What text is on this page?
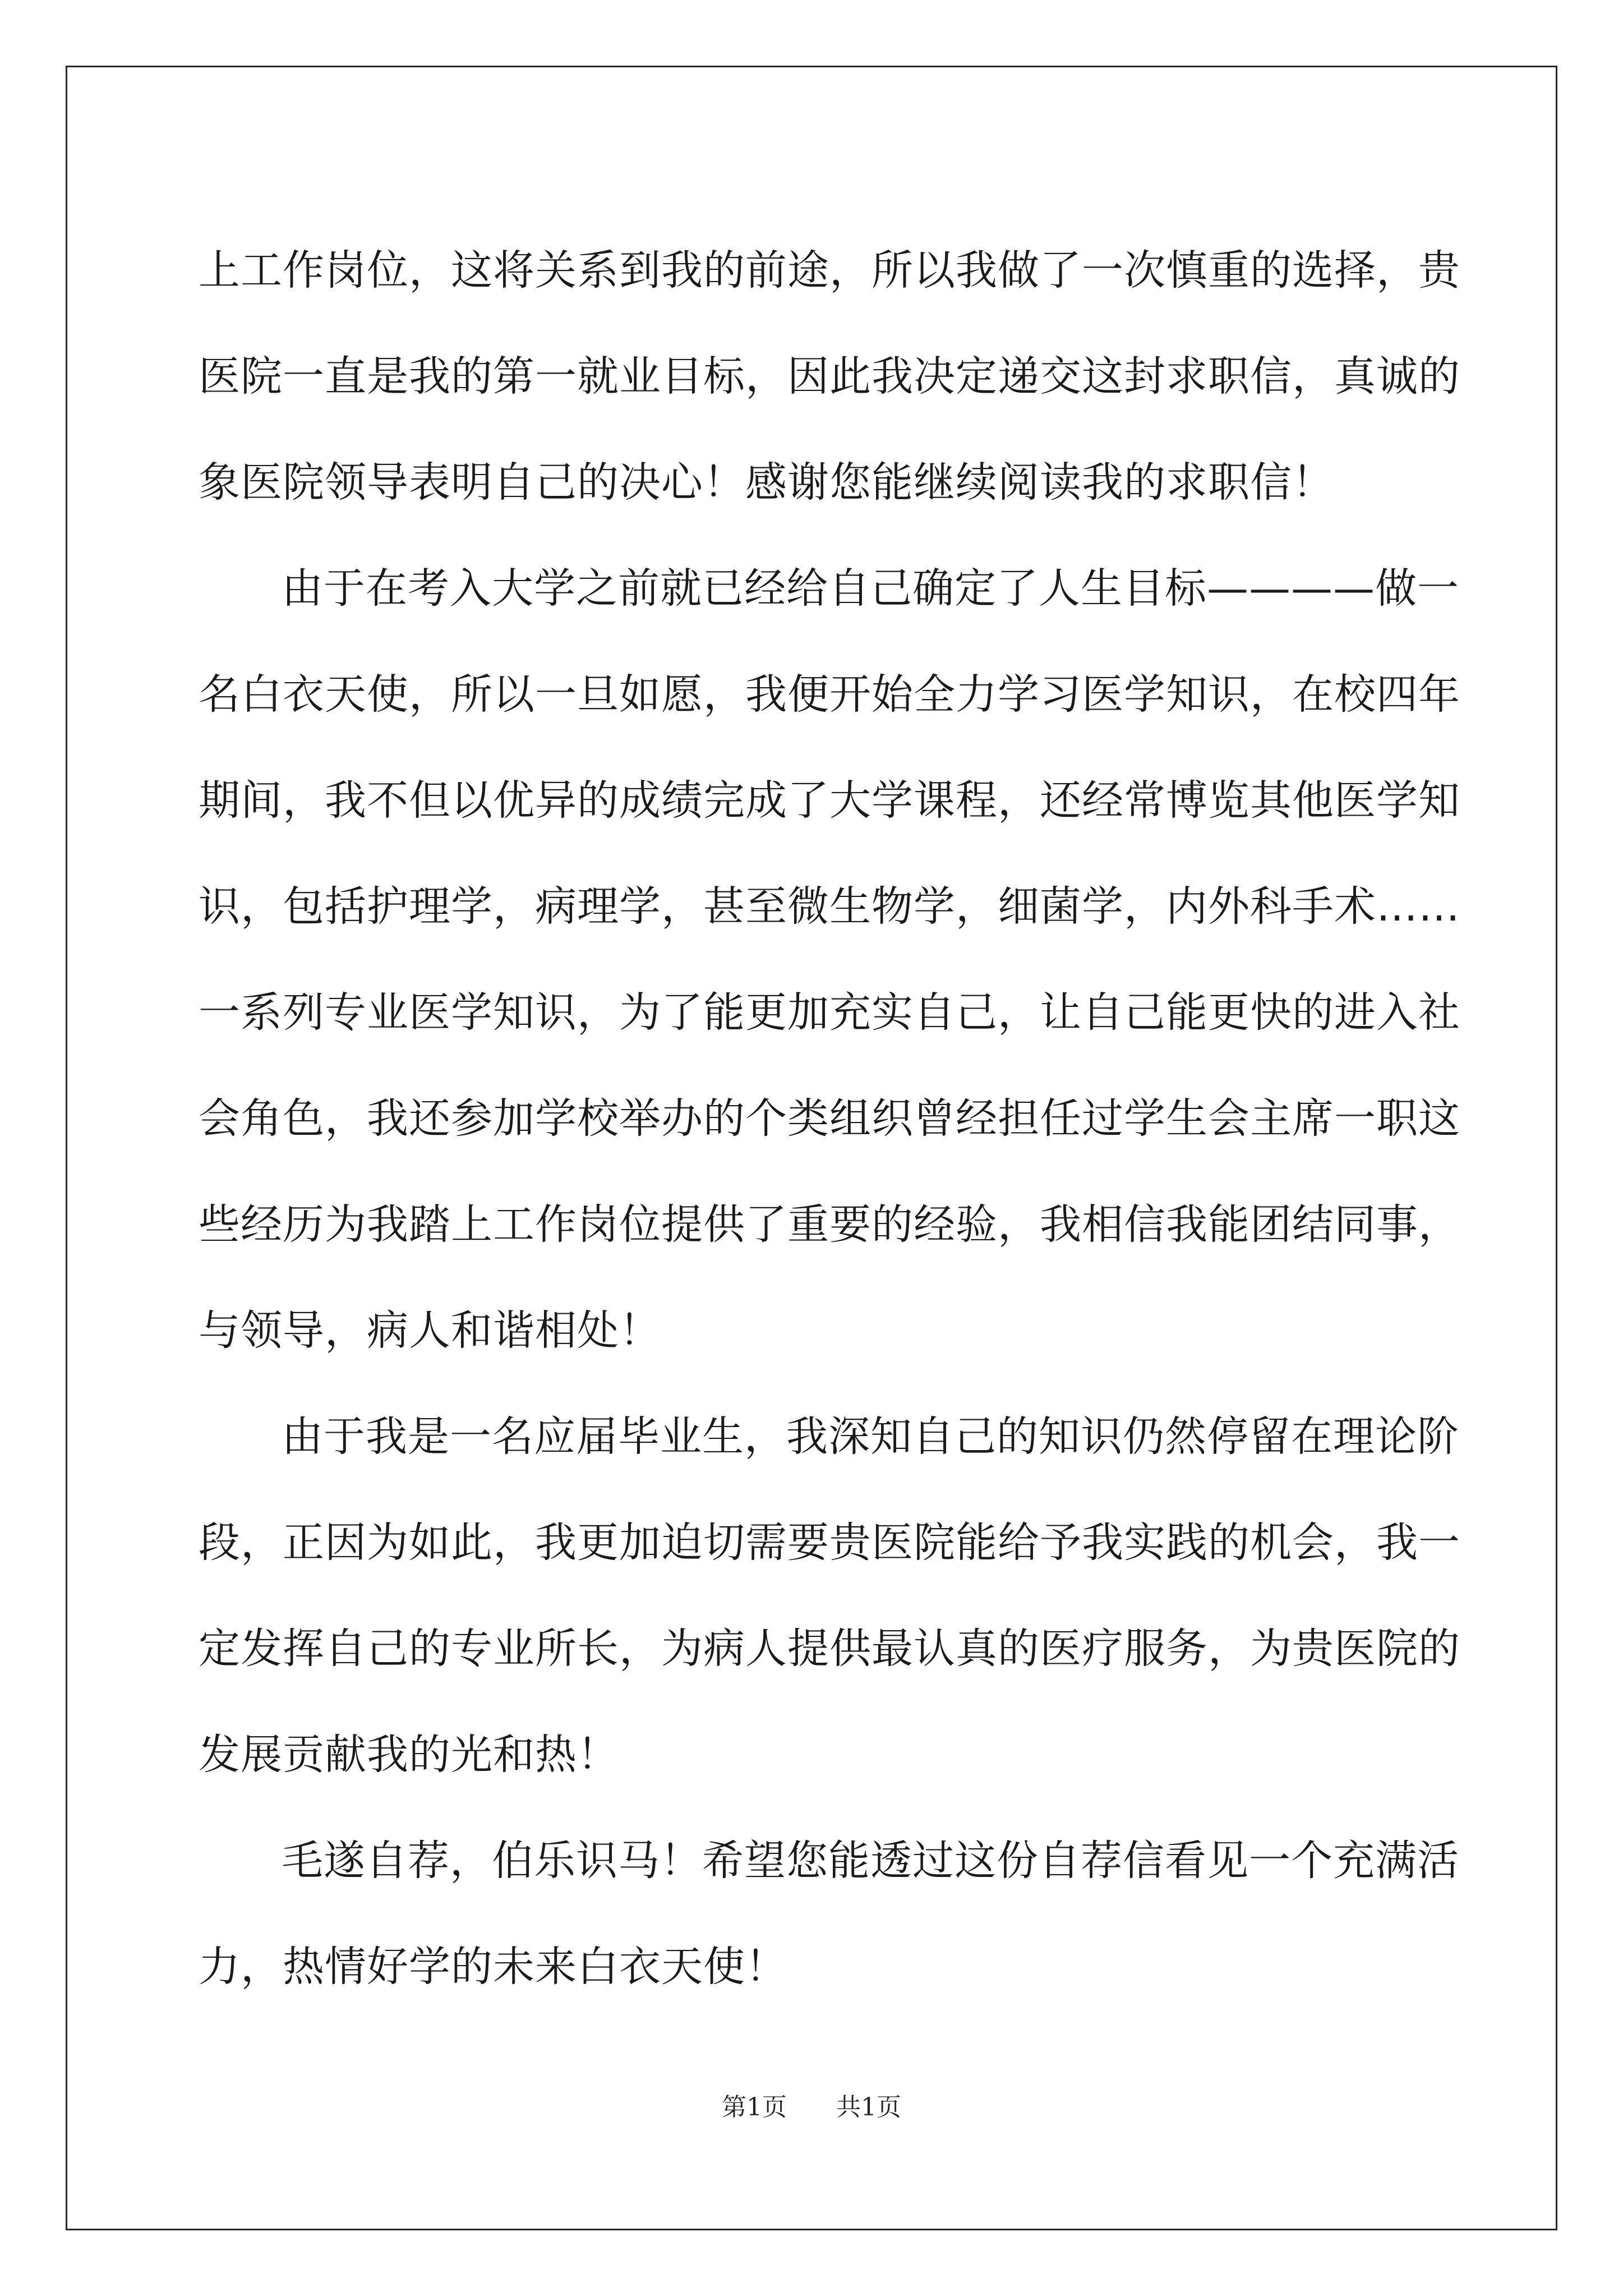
上工作岗位，这将关系到我的前途，所以我做了一次慎重的选择，贵
医院一直是我的第一就业目标，因此我决定递交这封求职信，真诚的
象医院领导表明自己的决心！感谢您能继续阅读我的求职信！
由于在考入大学之前就已经给自己确定了人生目标————做一
名白衣天使，所以一旦如愿，我便开始全力学习医学知识，在校四年
期间，我不但以优异的成绩完成了大学课程，还经常博览其他医学知
识，包括护理学，病理学，甚至微生物学，细菌学，内外科手术……
一系列专业医学知识，为了能更加充实自己，让自己能更快的进入社
会角色，我还参加学校举办的个类组织曾经担任过学生会主席一职这
些经历为我踏上工作岗位提供了重要的经验，我相信我能团结同事，
与领导，病人和谐相处！
由于我是一名应届毕业生，我深知自己的知识仍然停留在理论阶
段，正因为如此，我更加迫切需要贵医院能给予我实践的机会，我一
定发挥自己的专业所长，为病人提供最认真的医疗服务，为贵医院的
发展贡献我的光和热！
毛遂自荐，伯乐识马！希望您能透过这份自荐信看见一个充满活
力，热情好学的未来白衣天使！
第1页 共1页
